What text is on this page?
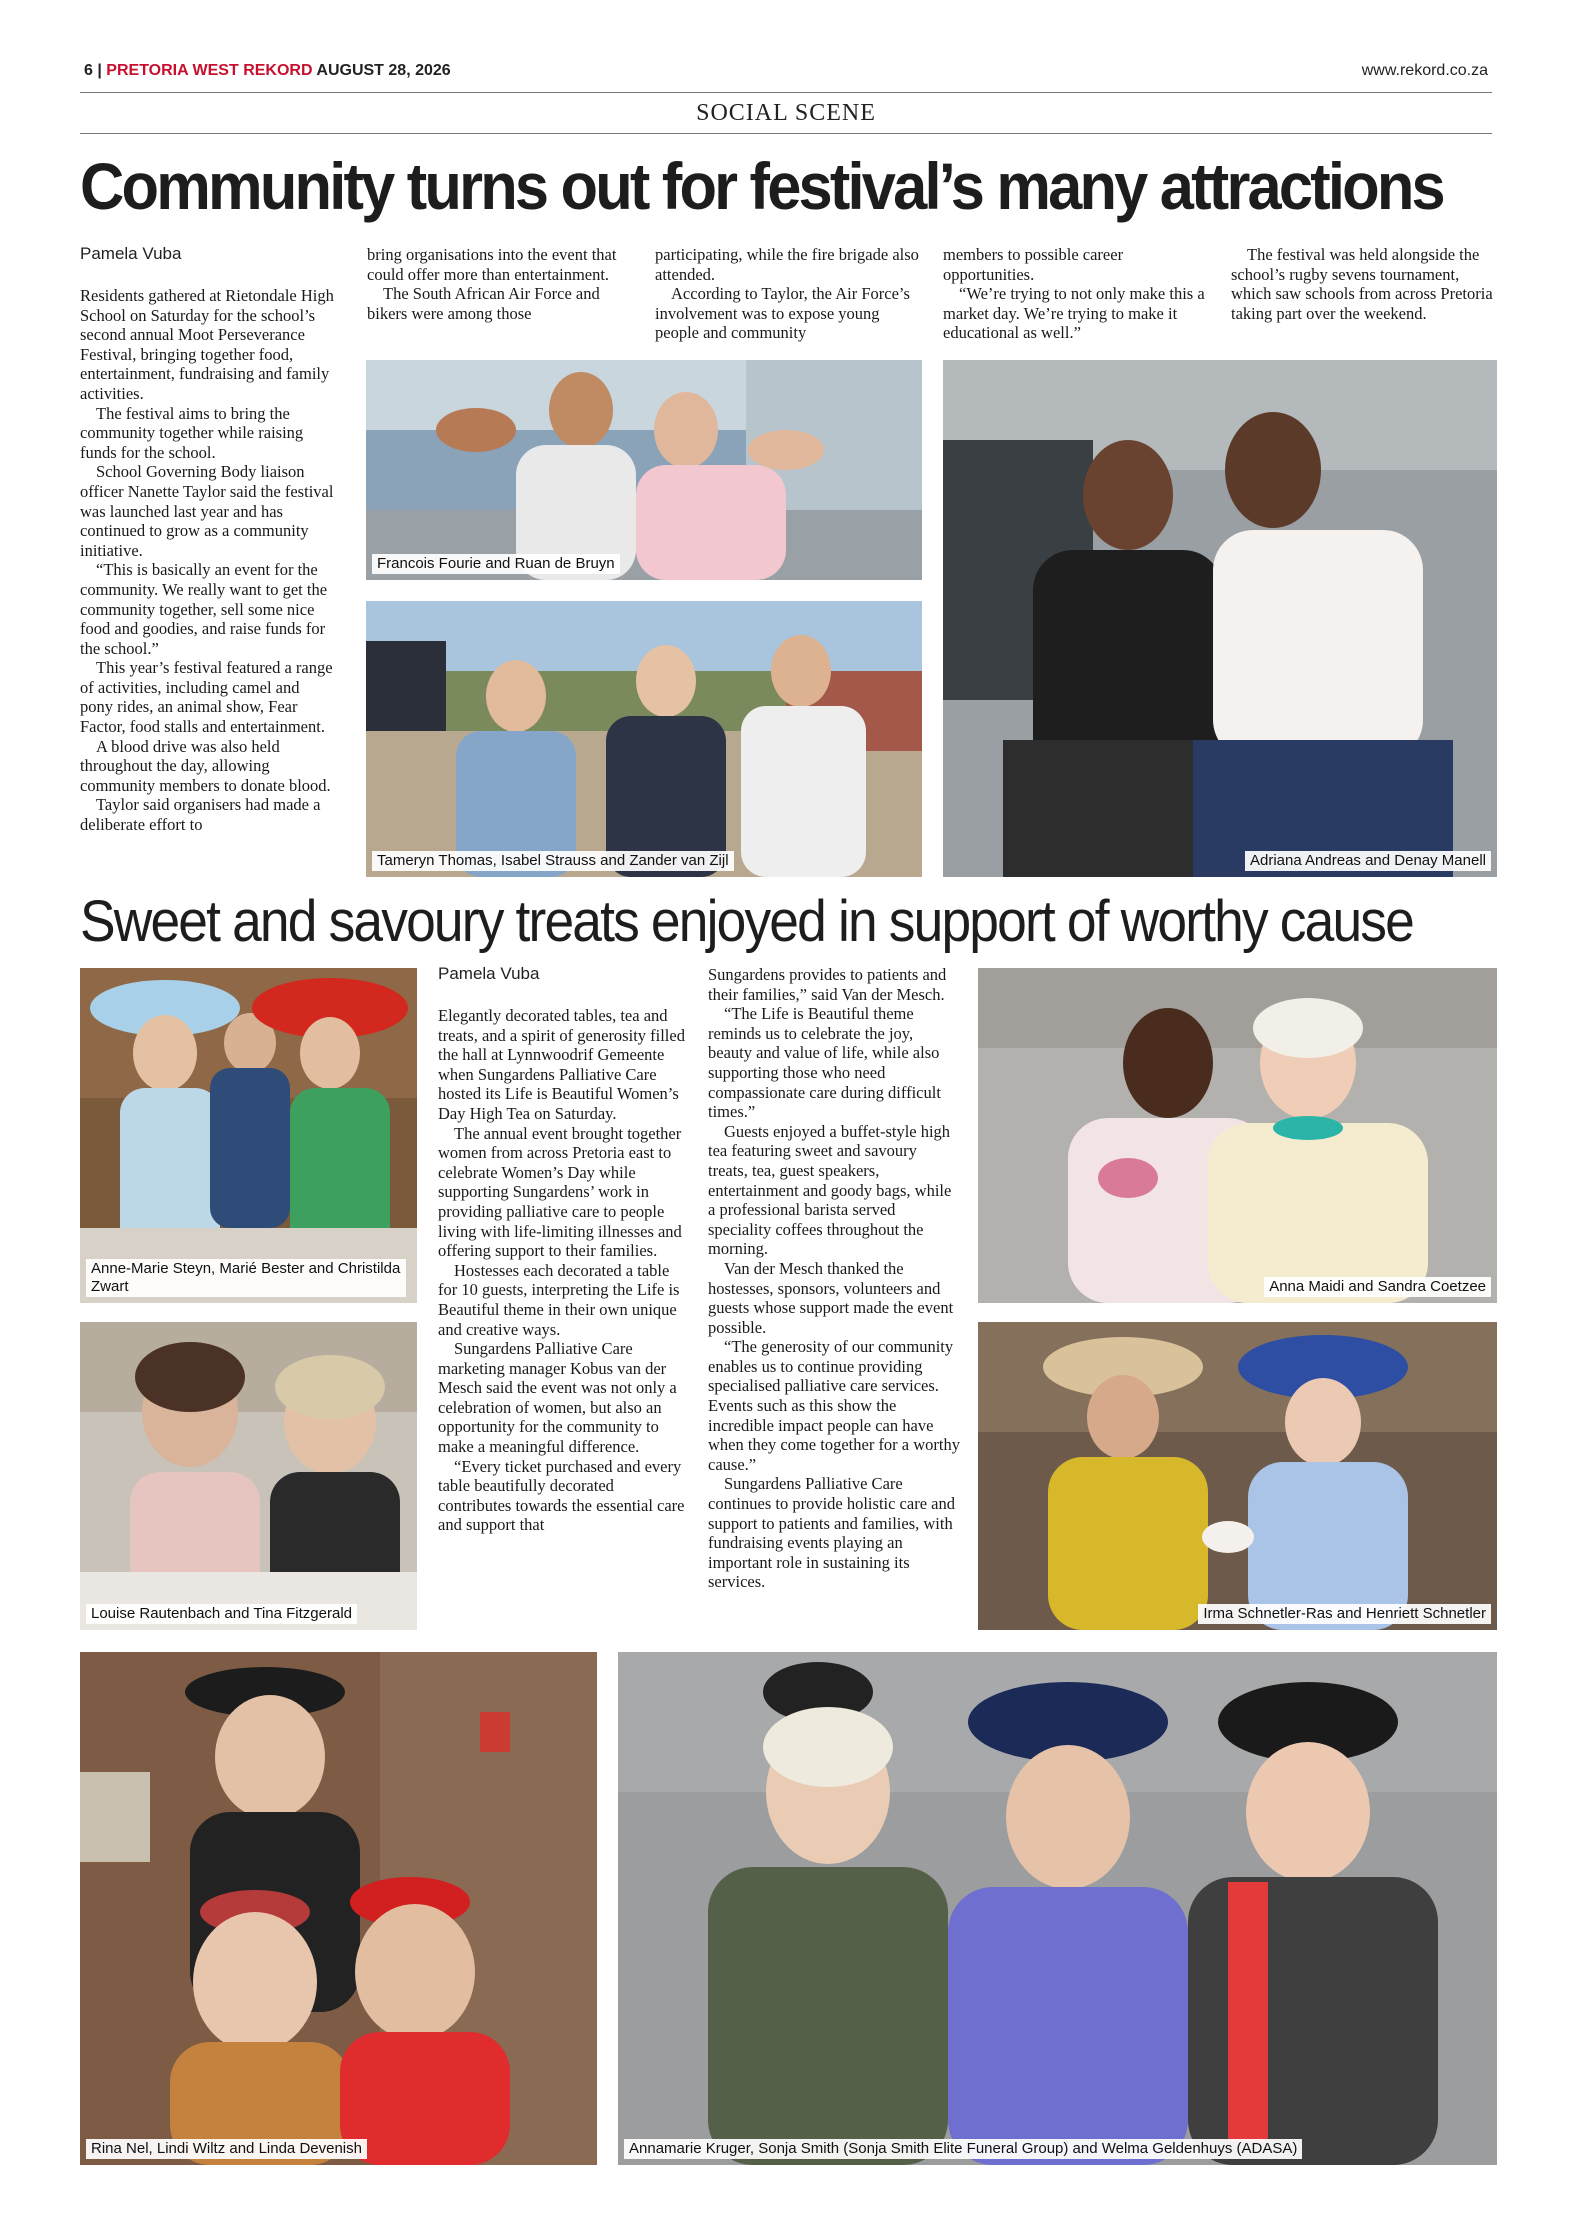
6 | PRETORIA WEST REKORD AUGUST 28, 2026	www.rekord.co.za
SOCIAL SCENE
Community turns out for festival’s many attractions
Pamela Vuba

Residents gathered at Rietondale High School on Saturday for the school’s second annual Moot Perseverance Festival, bringing together food, entertainment, fundraising and family activities.

The festival aims to bring the community together while raising funds for the school.

School Governing Body liaison officer Nanette Taylor said the festival was launched last year and has continued to grow as a community initiative.

“This is basically an event for the community. We really want to get the community together, sell some nice food and goodies, and raise funds for the school.”

This year’s festival featured a range of activities, including camel and pony rides, an animal show, Fear Factor, food stalls and entertainment.

A blood drive was also held throughout the day, allowing community members to donate blood.

Taylor said organisers had made a deliberate effort to

bring organisations into the event that could offer more than entertainment.

The South African Air Force and bikers were among those

participating, while the fire brigade also attended.

According to Taylor, the Air Force’s involvement was to expose young people and community

members to possible career opportunities.

“We’re trying to not only make this a market day. We’re trying to make it educational as well.”

The festival was held alongside the school’s rugby sevens tournament, which saw schools from across Pretoria taking part over the weekend.

Francois Fourie and Ruan de Bruyn
Tameryn Thomas, Isabel Strauss and Zander van Zijl	Adriana Andreas and Denay Manell
Sweet and savoury treats enjoyed in support of worthy cause
Anne-Marie Steyn, Marié Bester and Christilda Zwart
Louise Rautenbach and Tina Fitzgerald
Pamela Vuba

Elegantly decorated tables, tea and treats, and a spirit of generosity filled the hall at Lynnwoodrif Gemeente when Sungardens Palliative Care hosted its Life is Beautiful Women’s Day High Tea on Saturday.

The annual event brought together women from across Pretoria east to celebrate Women’s Day while supporting Sungardens’ work in providing palliative care to people living with life-limiting illnesses and offering support to their families.

Hostesses each decorated a table for 10 guests, interpreting the Life is Beautiful theme in their own unique and creative ways.

Sungardens Palliative Care marketing manager Kobus van der Mesch said the event was not only a celebration of women, but also an opportunity for the community to make a meaningful difference.

“Every ticket purchased and every table beautifully decorated contributes towards the essential care and support that

Sungardens provides to patients and their families,” said Van der Mesch.

“The Life is Beautiful theme reminds us to celebrate the joy, beauty and value of life, while also supporting those who need compassionate care during difficult times.”

Guests enjoyed a buffet-style high tea featuring sweet and savoury treats, tea, guest speakers, entertainment and goody bags, while a professional barista served speciality coffees throughout the morning.

Van der Mesch thanked the hostesses, sponsors, volunteers and guests whose support made the event possible.

“The generosity of our community enables us to continue providing specialised palliative care services. Events such as this show the incredible impact people can have when they come together for a worthy cause.”

Sungardens Palliative Care continues to provide holistic care and support to patients and families, with fundraising events playing an important role in sustaining its services.

Anna Maidi and Sandra Coetzee
Irma Schnetler-Ras and Henriett Schnetler
Rina Nel, Lindi Wiltz and Linda Devenish	Annamarie Kruger, Sonja Smith (Sonja Smith Elite Funeral Group) and Welma Geldenhuys (ADASA)
